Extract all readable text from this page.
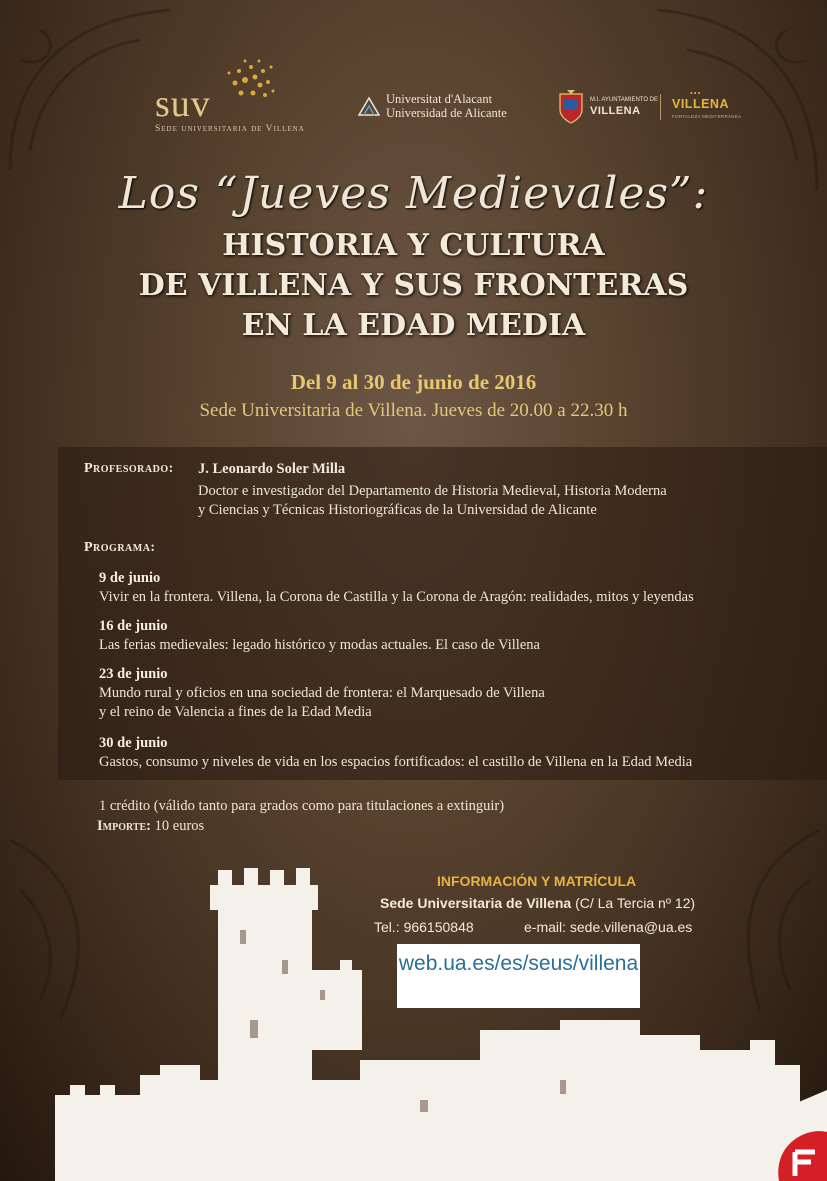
suv
Sede universitaria de Villena
Universitat d'Alacant
Universidad de Alicante
M.I. AYUNTAMIENTO DE
VILLENA
•••
VILLENA
FORTALEZA MEDITERRÁNEA
Los “Jueves Medievales”:
HISTORIA Y CULTURA
DE VILLENA Y SUS FRONTERAS
EN LA EDAD MEDIA
Del 9 al 30 de junio de 2016
Sede Universitaria de Villena. Jueves de 20.00 a 22.30 h
Profesorado: J. Leonardo Soler Milla
Doctor e investigador del Departamento de Historia Medieval, Historia Moderna
y Ciencias y Técnicas Historiográficas de la Universidad de Alicante
Programa:
9 de junio
Vivir en la frontera. Villena, la Corona de Castilla y la Corona de Aragón: realidades, mitos y leyendas
16 de junio
Las ferias medievales: legado histórico y modas actuales. El caso de Villena
23 de junio
Mundo rural y oficios en una sociedad de frontera: el Marquesado de Villena
y el reino de Valencia a fines de la Edad Media
30 de junio
Gastos, consumo y niveles de vida en los espacios fortificados: el castillo de Villena en la Edad Media
1 crédito (válido tanto para grados como para titulaciones a extinguir)
Importe: 10 euros
INFORMACIÓN Y MATRÍCULA
Sede Universitaria de Villena (C/ La Tercia nº 12)
Tel.: 966150848	e-mail: sede.villena@ua.es
web.ua.es/es/seus/villena
